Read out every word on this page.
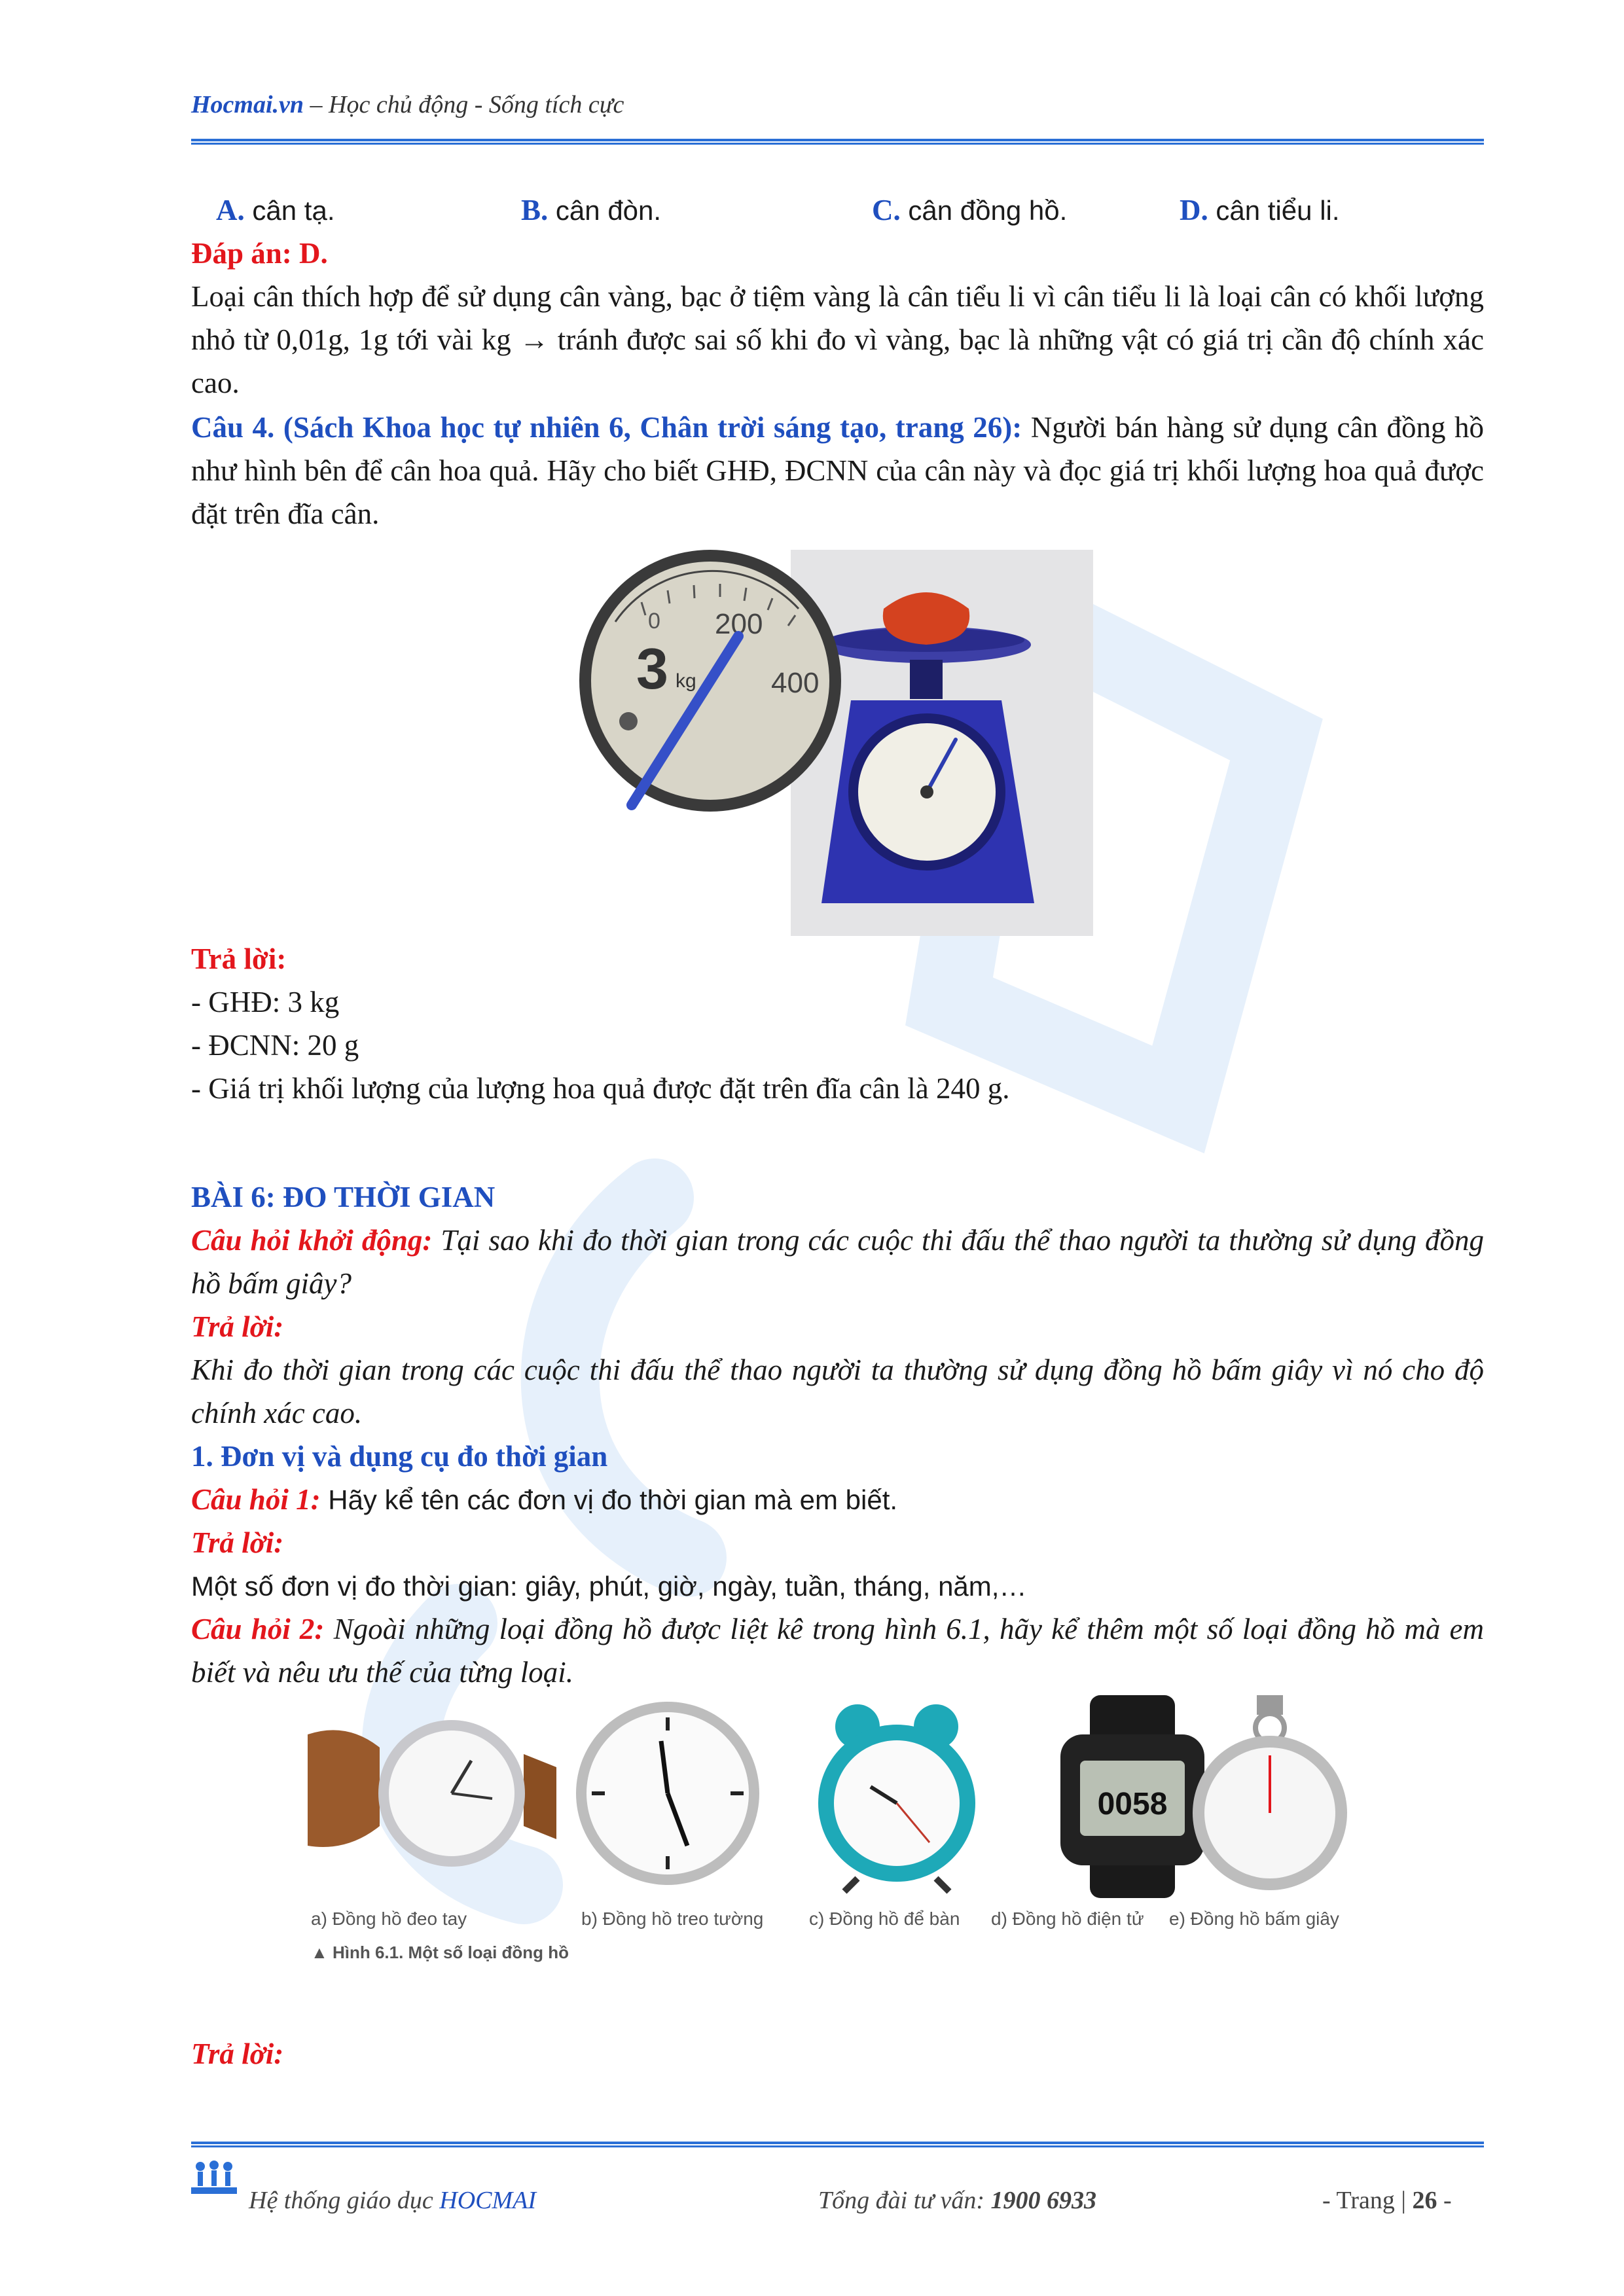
Hocmai.vn – Học chủ động - Sống tích cực
A. cân tạ.	B. cân đòn.	C. cân đồng hồ.	D. cân tiểu li.
Đáp án: D.
Loại cân thích hợp để sử dụng cân vàng, bạc ở tiệm vàng là cân tiểu li vì cân tiểu li là loại cân có khối lượng nhỏ từ 0,01g, 1g tới vài kg → tránh được sai số khi đo vì vàng, bạc là những vật có giá trị cần độ chính xác cao.
Câu 4. (Sách Khoa học tự nhiên 6, Chân trời sáng tạo, trang 26): Người bán hàng sử dụng cân đồng hồ như hình bên để cân hoa quả. Hãy cho biết GHĐ, ĐCNN của cân này và đọc giá trị khối lượng hoa quả được đặt trên đĩa cân.
0
3 kg
200
400
Trả lời:
- GHĐ: 3 kg
- ĐCNN: 20 g
- Giá trị khối lượng của lượng hoa quả được đặt trên đĩa cân là 240 g.
BÀI 6: ĐO THỜI GIAN
Câu hỏi khởi động: Tại sao khi đo thời gian trong các cuộc thi đấu thể thao người ta thường sử dụng đồng hồ bấm giây?
Trả lời:
Khi đo thời gian trong các cuộc thi đấu thể thao người ta thường sử dụng đồng hồ bấm giây vì nó cho độ chính xác cao.
1. Đơn vị và dụng cụ đo thời gian
Câu hỏi 1: Hãy kể tên các đơn vị đo thời gian mà em biết.
Trả lời:
Một số đơn vị đo thời gian: giây, phút, giờ, ngày, tuần, tháng, năm,…
Câu hỏi 2: Ngoài những loại đồng hồ được liệt kê trong hình 6.1, hãy kể thêm một số loại đồng hồ mà em biết và nêu ưu thế của từng loại.
0058
a) Đồng hồ đeo tay	b) Đồng hồ treo tường c) Đồng hồ để bàn d) Đồng hồ điện tử e) Đồng hồ bấm giây
▲ Hình 6.1. Một số loại đồng hồ
Trả lời:
Hệ thống giáo dục HOCMAI	Tổng đài tư vấn: 1900 6933	- Trang | 26 -
